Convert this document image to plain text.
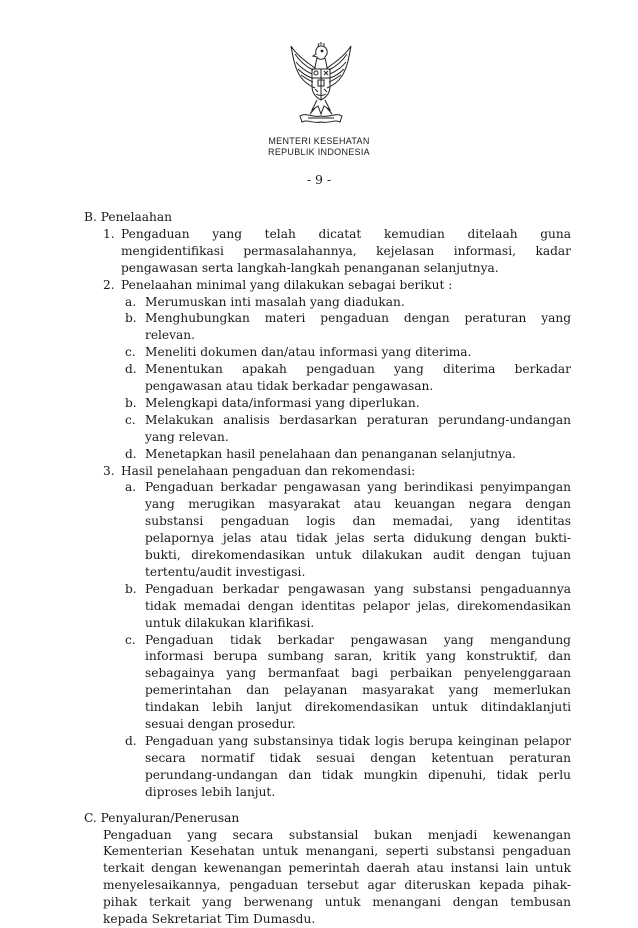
MENTERI KESEHATAN
REPUBLIK INDONESIA
- 9 -
B. Penelaahan
1. Pengaduan yang telah dicatat kemudian ditelaah guna
mengidentifikasi permasalahannya, kejelasan informasi, kadar
pengawasan serta langkah-langkah penanganan selanjutnya.
2. Penelaahan minimal yang dilakukan sebagai berikut :
a. Merumuskan inti masalah yang diadukan.
b. Menghubungkan materi pengaduan dengan peraturan yang
relevan.
c. Meneliti dokumen dan/atau informasi yang diterima.
d. Menentukan apakah pengaduan yang diterima berkadar
pengawasan atau tidak berkadar pengawasan.
b. Melengkapi data/informasi yang diperlukan.
c. Melakukan analisis berdasarkan peraturan perundang-undangan
yang relevan.
d. Menetapkan hasil penelahaan dan penanganan selanjutnya.
3. Hasil penelahaan pengaduan dan rekomendasi:
a. Pengaduan berkadar pengawasan yang berindikasi penyimpangan
yang merugikan masyarakat atau keuangan negara dengan
substansi pengaduan logis dan memadai, yang identitas
pelapornya jelas atau tidak jelas serta didukung dengan bukti-
bukti, direkomendasikan untuk dilakukan audit dengan tujuan
tertentu/audit investigasi.
b. Pengaduan berkadar pengawasan yang substansi pengaduannya
tidak memadai dengan identitas pelapor jelas, direkomendasikan
untuk dilakukan klarifikasi.
c. Pengaduan tidak berkadar pengawasan yang mengandung
informasi berupa sumbang saran, kritik yang konstruktif, dan
sebagainya yang bermanfaat bagi perbaikan penyelenggaraan
pemerintahan dan pelayanan masyarakat yang memerlukan
tindakan lebih lanjut direkomendasikan untuk ditindaklanjuti
sesuai dengan prosedur.
d. Pengaduan yang substansinya tidak logis berupa keinginan pelapor
secara normatif tidak sesuai dengan ketentuan peraturan
perundang-undangan dan tidak mungkin dipenuhi, tidak perlu
diproses lebih lanjut.
C. Penyaluran/Penerusan
Pengaduan yang secara substansial bukan menjadi kewenangan
Kementerian Kesehatan untuk menangani, seperti substansi pengaduan
terkait dengan kewenangan pemerintah daerah atau instansi lain untuk
menyelesaikannya, pengaduan tersebut agar diteruskan kepada pihak-
pihak terkait yang berwenang untuk menangani dengan tembusan
kepada Sekretariat Tim Dumasdu.
